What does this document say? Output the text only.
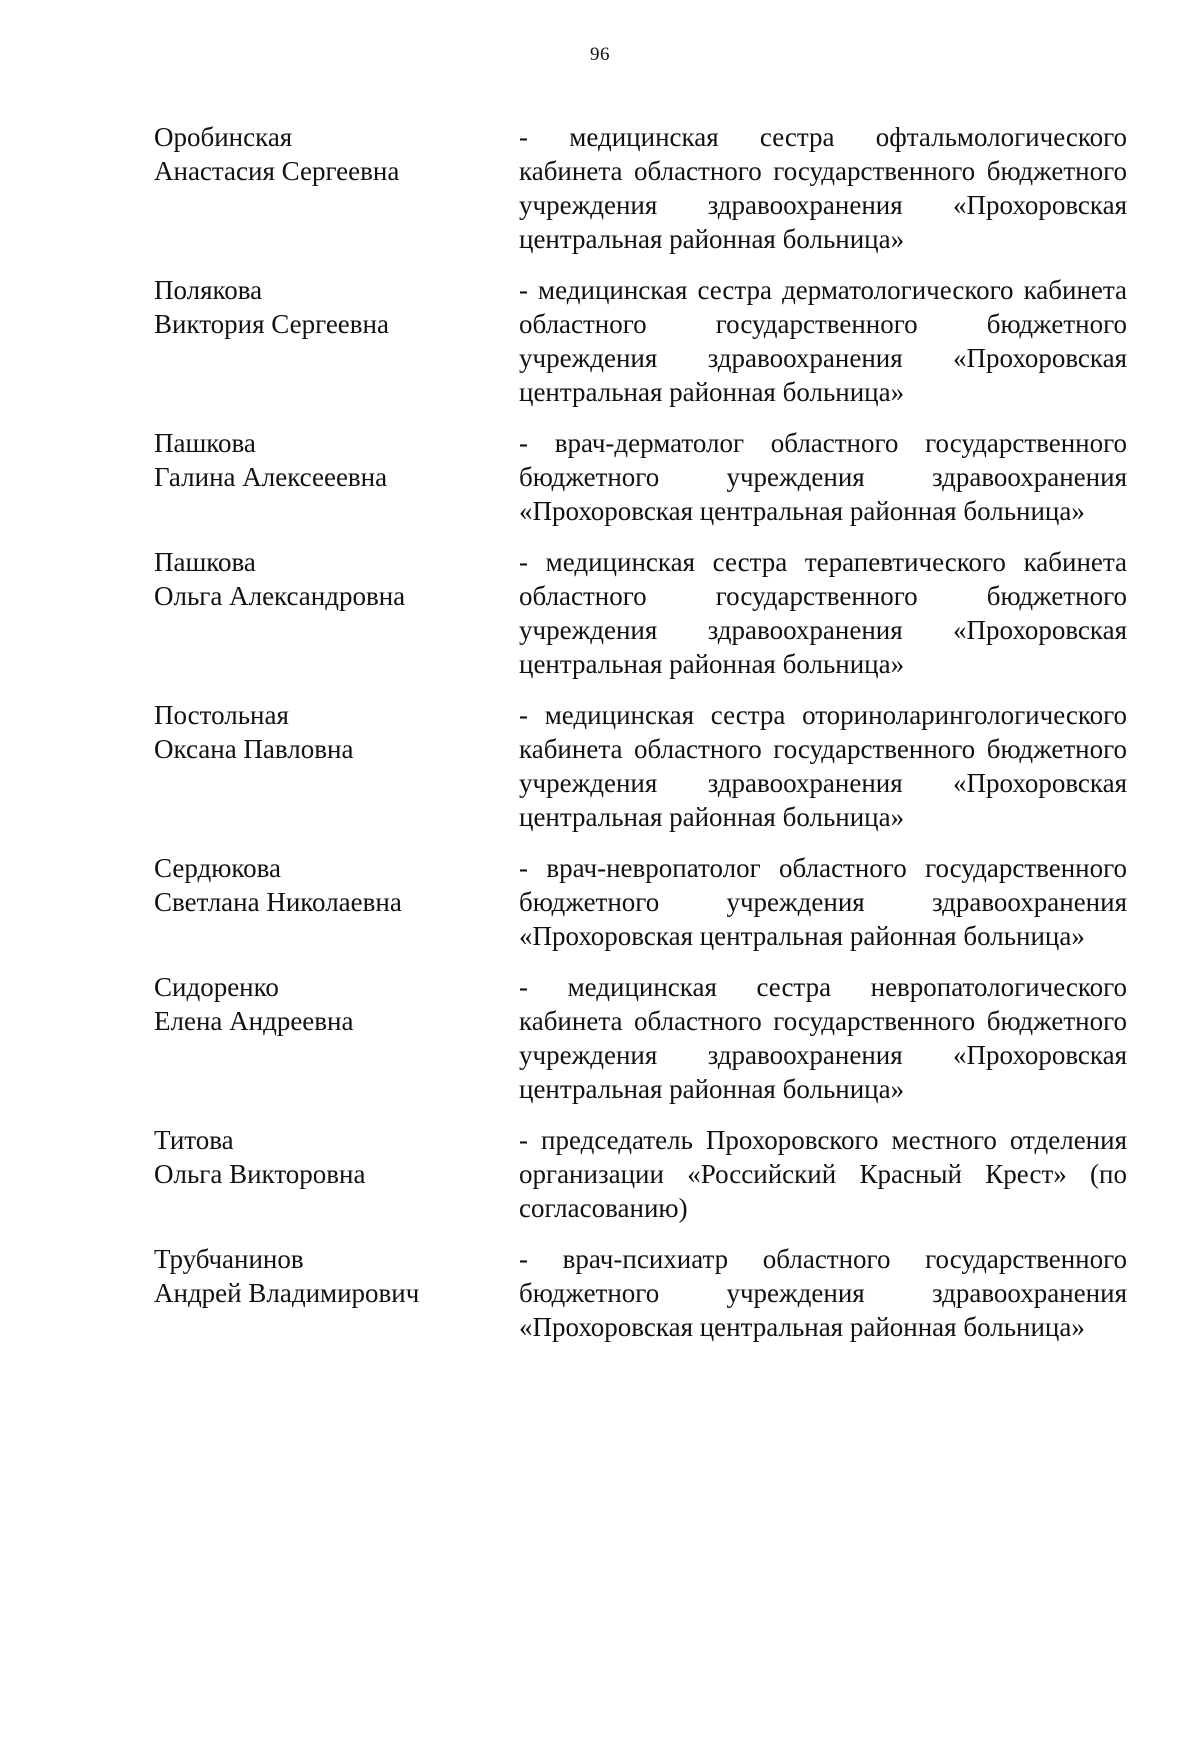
96
Оробинская
Анастасия Сергеевна
- медицинская сестра офтальмологического кабинета областного государственного бюджетного учреждения здравоохранения «Прохоровская центральная районная больница»
Полякова
Виктория Сергеевна
- медицинская сестра дерматологического кабинета областного государственного бюджетного учреждения здравоохранения «Прохоровская центральная районная больница»
Пашкова
Галина Алексееевна
- врач-дерматолог областного государственного бюджетного учреждения здравоохранения «Прохоровская центральная районная больница»
Пашкова
Ольга Александровна
- медицинская сестра терапевтического кабинета областного государственного бюджетного учреждения здравоохранения «Прохоровская центральная районная больница»
Постольная
Оксана Павловна
- медицинская сестра оториноларингологического кабинета областного государственного бюджетного учреждения здравоохранения «Прохоровская центральная районная больница»
Сердюкова
Светлана Николаевна
- врач-невропатолог областного государственного бюджетного учреждения здравоохранения «Прохоровская центральная районная больница»
Сидоренко
Елена Андреевна
- медицинская сестра невропатологического кабинета областного государственного бюджетного учреждения здравоохранения «Прохоровская центральная районная больница»
Титова
Ольга Викторовна
- председатель Прохоровского местного отделения организации «Российский Красный Крест» (по согласованию)
Трубчанинов
Андрей Владимирович
- врач-психиатр областного государственного бюджетного учреждения здравоохранения «Прохоровская центральная районная больница»
